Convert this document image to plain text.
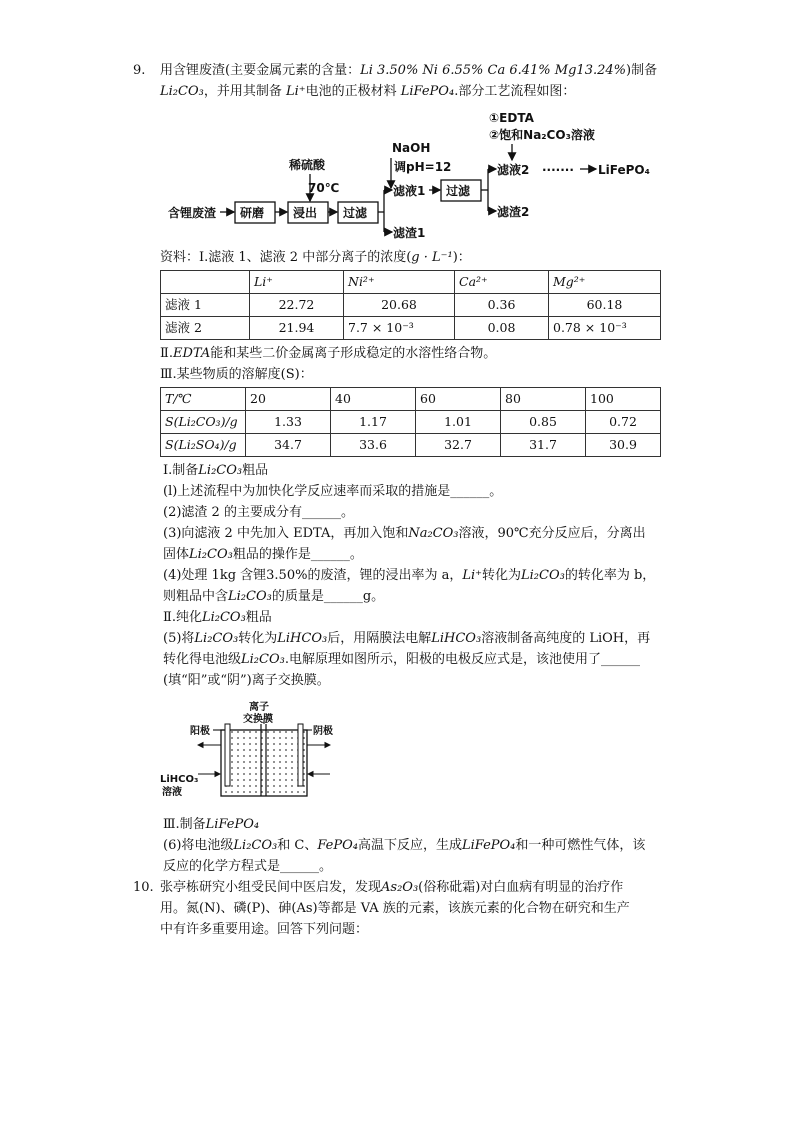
9. 用含锂废渣(主要金属元素的含量：Li 3.50% Ni 6.55% Ca 6.41% Mg13.24%)制备
Li₂CO₃，并用其制备 Li⁺电池的正极材料 LiFePO₄.部分工艺流程如图：
①EDTA
②饱和Na₂CO₃溶液
NaOH
调pH=12
稀硫酸
70℃
含锂废渣 研磨 浸出 过滤
滤液1 过滤
滤液2 ······· LiFePO₄
滤渣1
滤渣2
资料：Ⅰ.滤液 1、滤液 2 中部分离子的浓度(g · L⁻¹)：
	Li⁺	Ni²⁺	Ca²⁺	Mg²⁺
滤液 1	22.72	20.68	0.36	60.18
滤液 2	21.94	7.7 × 10⁻³	0.08	0.78 × 10⁻³
Ⅱ.EDTA能和某些二价金属离子形成稳定的水溶性络合物。
Ⅲ.某些物质的溶解度(S)：
T/℃	20	40	60	80	100
S(Li₂CO₃)/g	1.33	1.17	1.01	0.85	0.72
S(Li₂SO₄)/g	34.7	33.6	32.7	31.7	30.9
Ⅰ.制备Li₂CO₃粗品
(l)上述流程中为加快化学反应速率而采取的措施是______。
(2)滤渣 2 的主要成分有______。
(3)向滤液 2 中先加入 EDTA，再加入饱和Na₂CO₃溶液，90℃充分反应后，分离出
固体Li₂CO₃粗品的操作是______。
(4)处理 1kg 含锂3.50%的废渣，锂的浸出率为 a，Li⁺转化为Li₂CO₃的转化率为 b，
则粗品中含Li₂CO₃的质量是______g。
Ⅱ.纯化Li₂CO₃粗品
(5)将Li₂CO₃转化为LiHCO₃后，用隔膜法电解LiHCO₃溶液制备高纯度的 LiOH，再
转化得电池级Li₂CO₃.电解原理如图所示，阳极的电极反应式是，该池使用了______
(填“阳”或“阴”)离子交换膜。
离子
交换膜
阳极	阴极
LiHCO₃
溶液
Ⅲ.制备LiFePO₄
(6)将电池级Li₂CO₃和 C、FePO₄高温下反应，生成LiFePO₄和一种可燃性气体，该
反应的化学方程式是______。
10. 张亭栋研究小组受民间中医启发，发现As₂O₃(俗称砒霜)对白血病有明显的治疗作
用。氮(N)、磷(P)、砷(As)等都是 VA 族的元素，该族元素的化合物在研究和生产
中有许多重要用途。回答下列问题：
